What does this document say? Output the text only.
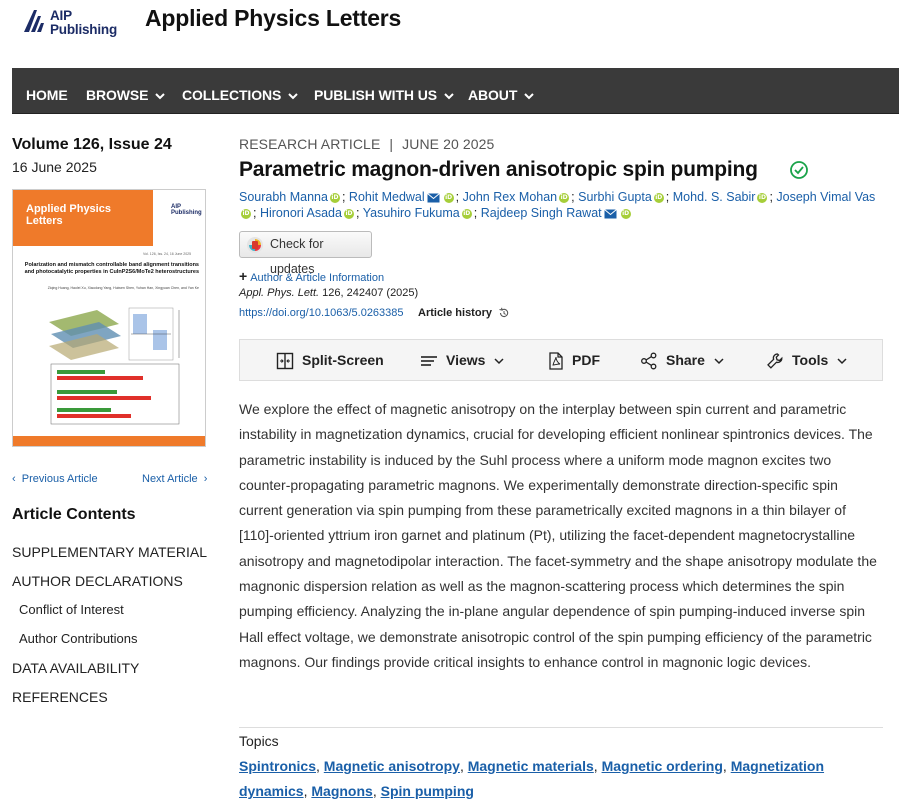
AIP
Publishing Applied Physics Letters
HOME BROWSE	COLLECTIONS	PUBLISH WITH US	ABOUT
Volume 126, Issue 24
16 June 2025
Applied Physics
Letters
AIP
Publishing
Vol. 126, Iss. 24, 16 June 2025
Polarization and mismatch controllable band alignment transitions and photocatalytic properties in CuInP2S6/MoTe2 heterostructures
Ziqing Huang, Haolei Xu, Xiaodong Yang, Huiwen Shen, Yuhan Han, Xingyuan Chen, and Yan Ke
‹ Previous Article	Next Article ›
Article Contents
SUPPLEMENTARY MATERIAL
AUTHOR DECLARATIONS
Conflict of Interest
Author Contributions
DATA AVAILABILITY
REFERENCES
RESEARCH ARTICLE | JUNE 20 2025
Parametric magnon-driven anisotropic spin pumping
Sourabh Manna iD ; Rohit Medwal	iD ; John Rex Mohan iD ; Surbhi Gupta iD ; Mohd. S. Sabir iD ; Joseph Vimal VasiD ; Hironori Asada iD ; Yasuhiro Fukuma iD ; Rajdeep Singh Rawat	iD
Check for updates
+ Author & Article Information
Appl. Phys. Lett. 126, 242407 (2025)
https://doi.org/10.1063/5.0263385 Article history
Split-Screen	Views	PDF	Share	Tools
We explore the effect of magnetic anisotropy on the interplay between spin current and parametric instability in magnetization dynamics, crucial for developing efficient nonlinear spintronics devices. The parametric instability is induced by the Suhl process where a uniform mode magnon excites two counter-propagating parametric magnons. We experimentally demonstrate direction-specific spin current generation via spin pumping from these parametrically excited magnons in a thin bilayer of [110]-oriented yttrium iron garnet and platinum (Pt), utilizing the facet-dependent magnetocrystalline anisotropy and magnetodipolar interaction. The facet-symmetry and the shape anisotropy modulate the magnonic dispersion relation as well as the magnon-scattering process which determines the spin pumping efficiency. Analyzing the in-plane angular dependence of spin pumping-induced inverse spin Hall effect voltage, we demonstrate anisotropic control of the spin pumping efficiency of the parametric magnons. Our findings provide critical insights to enhance control in magnonic logic devices.
Topics
Spintronics, Magnetic anisotropy, Magnetic materials, Magnetic ordering, Magnetization dynamics, Magnons, Spin pumping
